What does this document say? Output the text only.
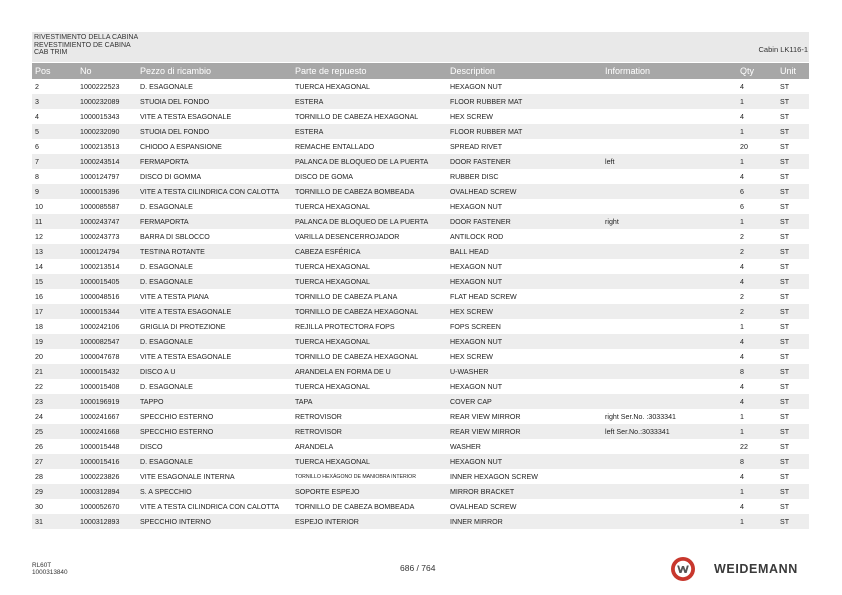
RIVESTIMENTO DELLA CABINA
REVESTIMIENTO DE CABINA
CAB TRIM	Cabin LK116-1
Pos	No	Pezzo di ricambio	Parte de repuesto	Description	Information	Qty	Unit
2	1000222523	D. ESAGONALE	TUERCA HEXAGONAL	HEXAGON NUT		4	ST
3	1000232089	STUOIA DEL FONDO	ESTERA	FLOOR RUBBER MAT		1	ST
4	1000015343	VITE A TESTA ESAGONALE	TORNILLO DE CABEZA HEXAGONAL	HEX SCREW		4	ST
5	1000232090	STUOIA DEL FONDO	ESTERA	FLOOR RUBBER MAT		1	ST
6	1000213513	CHIODO A ESPANSIONE	REMACHE ENTALLADO	SPREAD RIVET		20	ST
7	1000243514	FERMAPORTA	PALANCA DE BLOQUEO DE LA PUERTA	DOOR FASTENER	left	1	ST
8	1000124797	DISCO DI GOMMA	DISCO DE GOMA	RUBBER DISC		4	ST
9	1000015396	VITE A TESTA CILINDRICA CON CALOTTA	TORNILLO DE CABEZA BOMBEADA	OVALHEAD SCREW		6	ST
10	1000085587	D. ESAGONALE	TUERCA HEXAGONAL	HEXAGON NUT		6	ST
11	1000243747	FERMAPORTA	PALANCA DE BLOQUEO DE LA PUERTA	DOOR FASTENER	right	1	ST
12	1000243773	BARRA DI SBLOCCO	VARILLA DESENCERROJADOR	ANTILOCK ROD		2	ST
13	1000124794	TESTINA ROTANTE	CABEZA ESFÉRICA	BALL HEAD		2	ST
14	1000213514	D. ESAGONALE	TUERCA HEXAGONAL	HEXAGON NUT		4	ST
15	1000015405	D. ESAGONALE	TUERCA HEXAGONAL	HEXAGON NUT		4	ST
16	1000048516	VITE A TESTA PIANA	TORNILLO DE CABEZA PLANA	FLAT HEAD SCREW		2	ST
17	1000015344	VITE A TESTA ESAGONALE	TORNILLO DE CABEZA HEXAGONAL	HEX SCREW		2	ST
18	1000242106	GRIGLIA DI PROTEZIONE	REJILLA PROTECTORA FOPS	FOPS SCREEN		1	ST
19	1000082547	D. ESAGONALE	TUERCA HEXAGONAL	HEXAGON NUT		4	ST
20	1000047678	VITE A TESTA ESAGONALE	TORNILLO DE CABEZA HEXAGONAL	HEX SCREW		4	ST
21	1000015432	DISCO A U	ARANDELA EN FORMA DE U	U-WASHER		8	ST
22	1000015408	D. ESAGONALE	TUERCA HEXAGONAL	HEXAGON NUT		4	ST
23	1000196919	TAPPO	TAPA	COVER CAP		4	ST
24	1000241667	SPECCHIO ESTERNO	RETROVISOR	REAR VIEW MIRROR	right Ser.No. :3033341	1	ST
25	1000241668	SPECCHIO ESTERNO	RETROVISOR	REAR VIEW MIRROR	left Ser.No.:3033341	1	ST
26	1000015448	DISCO	ARANDELA	WASHER		22	ST
27	1000015416	D. ESAGONALE	TUERCA HEXAGONAL	HEXAGON NUT		8	ST
28	1000223826	VITE ESAGONALE INTERNA	TORNILLO HEXÁGONO DE MANIOBRA INTERIOR	INNER HEXAGON SCREW		4	ST
29	1000312894	S. A SPECCHIO	SOPORTE ESPEJO	MIRROR BRACKET		1	ST
30	1000052670	VITE A TESTA CILINDRICA CON CALOTTA	TORNILLO DE CABEZA BOMBEADA	OVALHEAD SCREW		4	ST
31	1000312893	SPECCHIO INTERNO	ESPEJO INTERIOR	INNER MIRROR		1	ST
RL60T
1000313840	686 / 764	WEIDEMANN
